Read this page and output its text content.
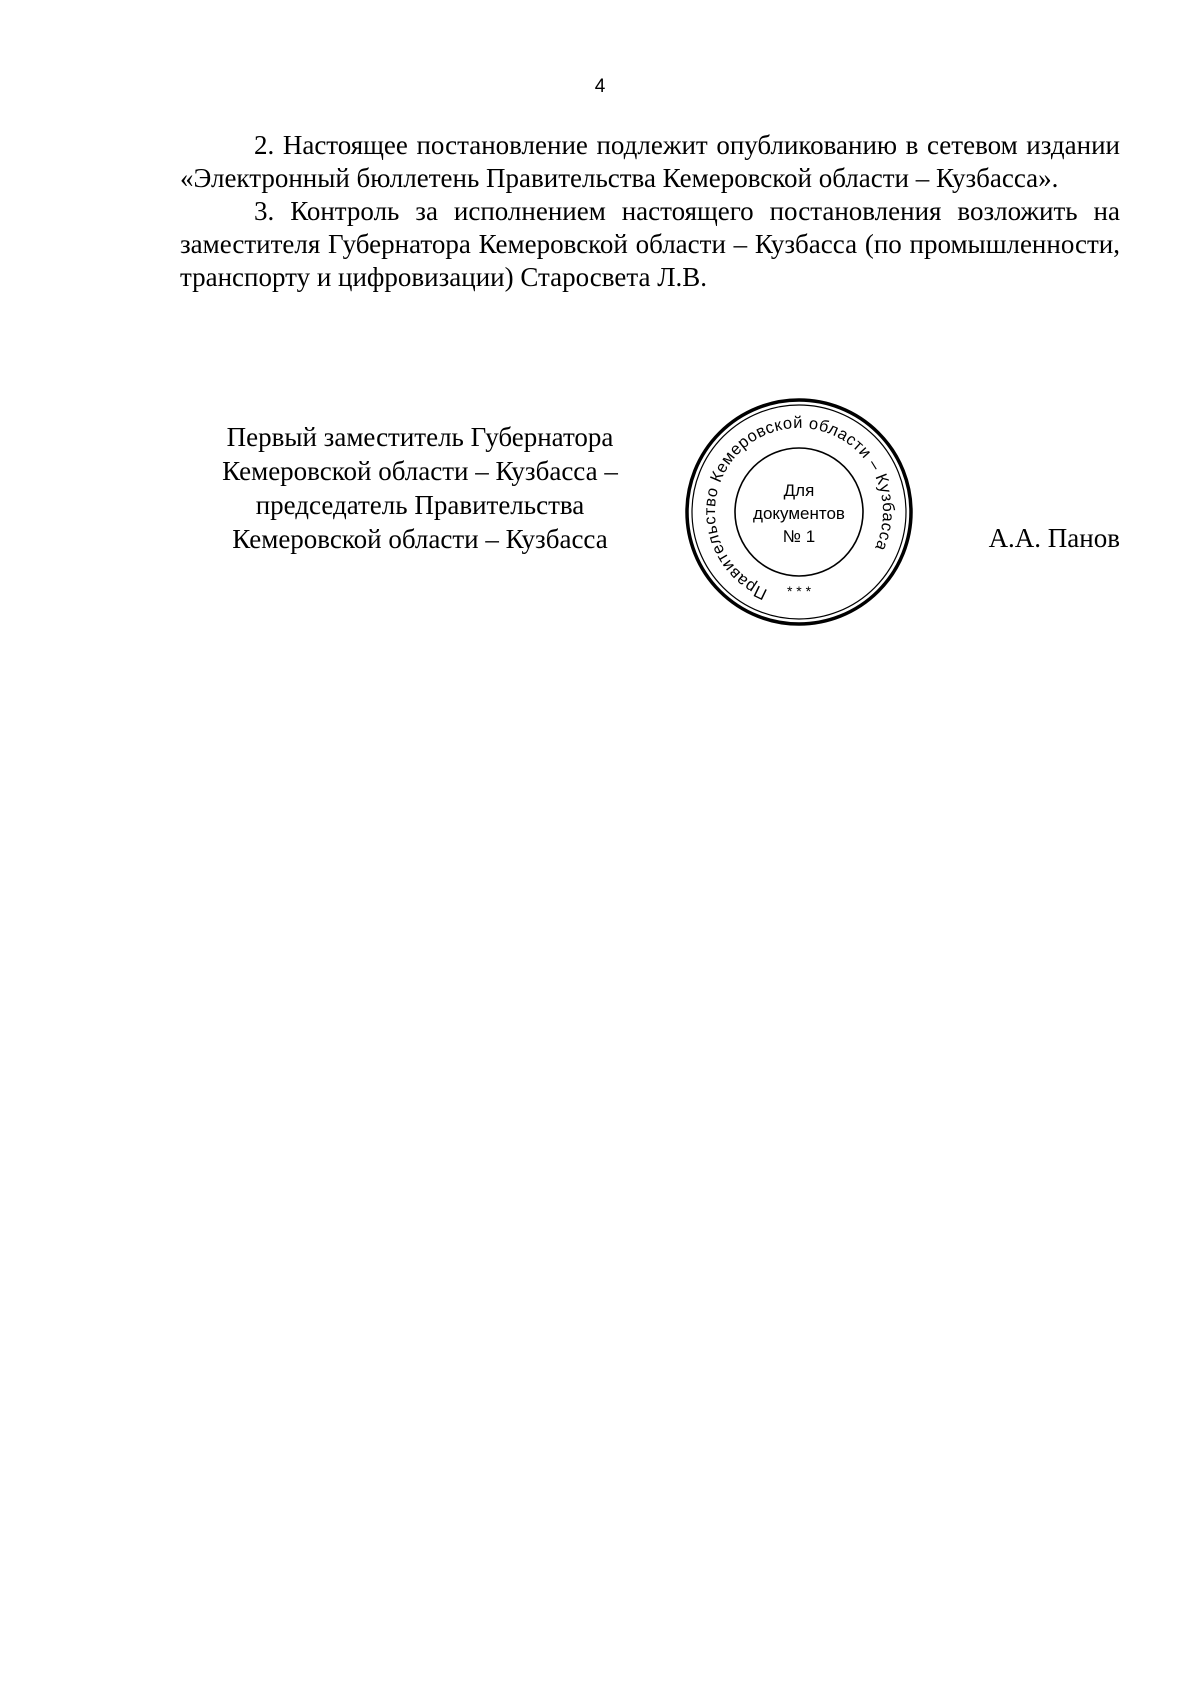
4

2. Настоящее постановление подлежит опубликованию в сетевом издании «Электронный бюллетень Правительства Кемеровской области – Кузбасса».

3. Контроль за исполнением настоящего постановления возложить на заместителя Губернатора Кемеровской области – Кузбасса (по промышленности, транспорту и цифровизации) Старосвета Л.В.

Первый заместитель Губернатора
Кемеровской области – Кузбасса –
председатель Правительства
Кемеровской области – Кузбасса
Правительство Кемеровской области – Кузбасса
Для
документов
№ 1
* * *
А.А. Панов
